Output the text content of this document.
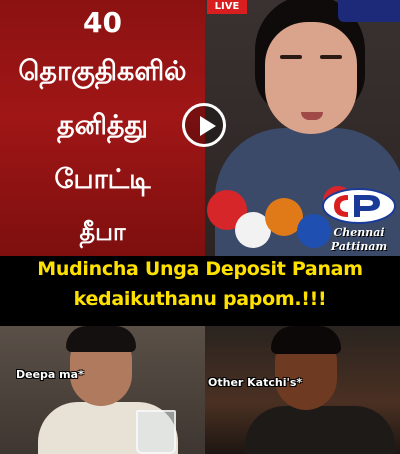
40
தொகுதிகளில்
தனித்து
போட்டி
தீபா
LIVE
Chennai
Pattinam
Mudincha Unga Deposit Panam
kedaikuthanu papom.!!!
Deepa ma*
Other Katchi's*
